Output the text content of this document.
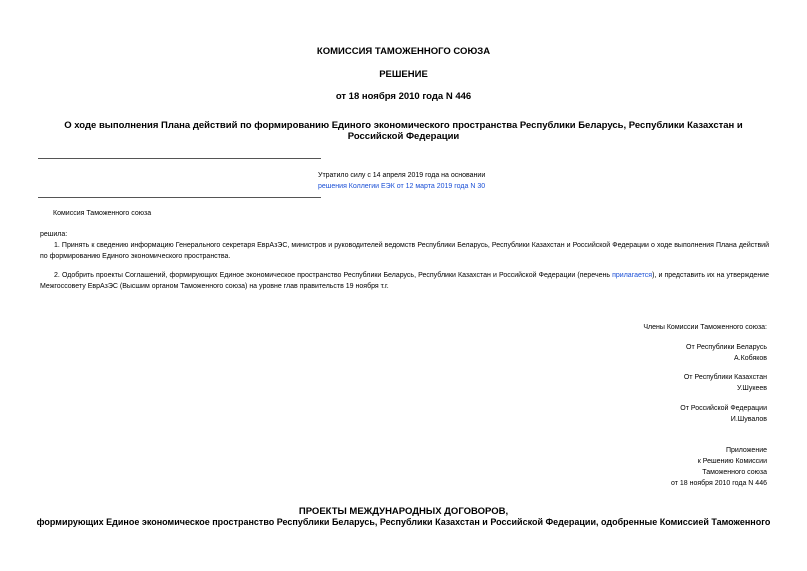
КОМИССИЯ ТАМОЖЕННОГО СОЮЗА
РЕШЕНИЕ
от 18 ноября 2010 года N 446
О ходе выполнения Плана действий по формированию Единого экономического пространства Республики Беларусь, Республики Казахстан и Российской Федерации
Утратило силу с 14 апреля 2019 года на основании
решения Коллегии ЕЭК от 12 марта 2019 года N 30
Комиссия Таможенного союза
решила:
1. Принять к сведению информацию Генерального секретаря ЕврАзЭС, министров и руководителей ведомств Республики Беларусь, Республики Казахстан и Российской Федерации о ходе выполнения Плана действий по формированию Единого экономического пространства.
2. Одобрить проекты Соглашений, формирующих Единое экономическое пространство Республики Беларусь, Республики Казахстан и Российской Федерации (перечень прилагается), и представить их на утверждение Межгоссовету ЕврАзЭС (Высшим органом Таможенного союза) на уровне глав правительств 19 ноября т.г.
Члены Комиссии Таможенного союза:
От Республики Беларусь
А.Кобяков
От Республики Казахстан
У.Шукеев
От Российской Федерации
И.Шувалов
Приложение
к Решению Комиссии
Таможенного союза
от 18 ноября 2010 года N 446
ПРОЕКТЫ МЕЖДУНАРОДНЫХ ДОГОВОРОВ,
формирующих Единое экономическое пространство Республики Беларусь, Республики Казахстан и Российской Федерации, одобренные Комиссией Таможенного
